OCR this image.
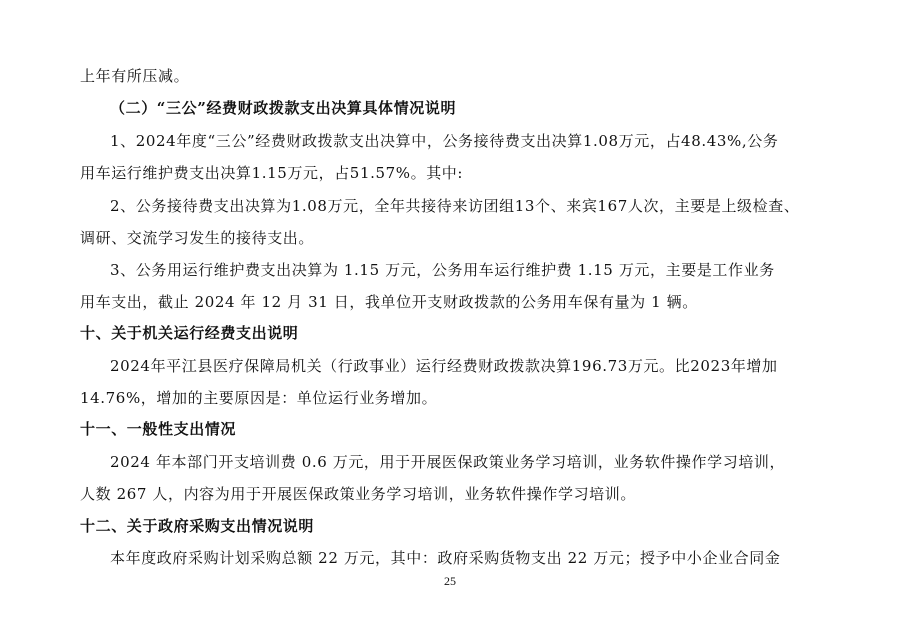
上年有所压减。
（二）“三公”经费财政拨款支出决算具体情况说明
1、2024年度“三公”经费财政拨款支出决算中，公务接待费支出决算1.08万元，占48.43%,公务
用车运行维护费支出决算1.15万元，占51.57%。其中:
2、公务接待费支出决算为1.08万元，全年共接待来访团组13个、来宾167人次，主要是上级检查、
调研、交流学习发生的接待支出。
3、公务用运行维护费支出决算为 1.15 万元，公务用车运行维护费 1.15 万元，主要是工作业务
用车支出，截止 2024 年 12 月 31 日，我单位开支财政拨款的公务用车保有量为 1 辆。
十、关于机关运行经费支出说明
2024年平江县医疗保障局机关（行政事业）运行经费财政拨款决算196.73万元。比2023年增加
14.76%，增加的主要原因是：单位运行业务增加。
十一、一般性支出情况
2024 年本部门开支培训费 0.6 万元，用于开展医保政策业务学习培训，业务软件操作学习培训，
人数 267 人，内容为用于开展医保政策业务学习培训，业务软件操作学习培训。
十二、关于政府采购支出情况说明
本年度政府采购计划采购总额 22 万元，其中：政府采购货物支出 22 万元；授予中小企业合同金
25
